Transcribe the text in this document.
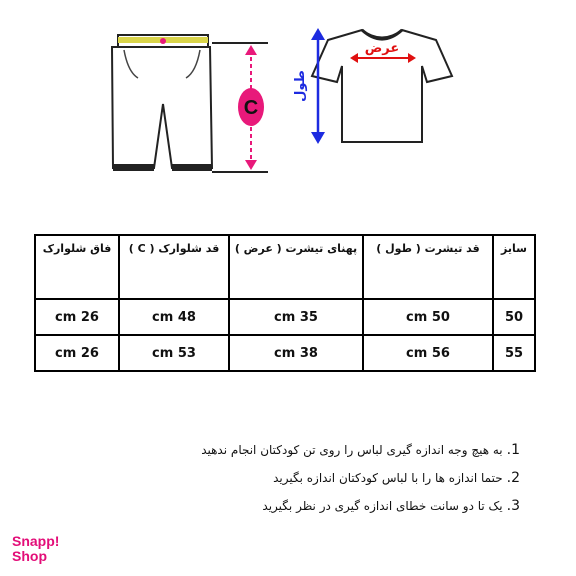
عرض
طول
C
سایز	قد تیشرت ( طول )	پهنای تیشرت ( عرض )	قد شلوارک ( C )	فاق شلوارک
50	50 cm	35 cm	48 cm	26 cm
55	56 cm	38 cm	53 cm	26 cm
1.
به هیچ وجه اندازه گیری لباس را روی تن کودکتان انجام ندهید
2.
حتما اندازه ها را با لباس کودکتان اندازه بگیرید
3.
یک تا دو سانت خطای اندازه گیری در نظر بگیرید
Snapp!
Shop
